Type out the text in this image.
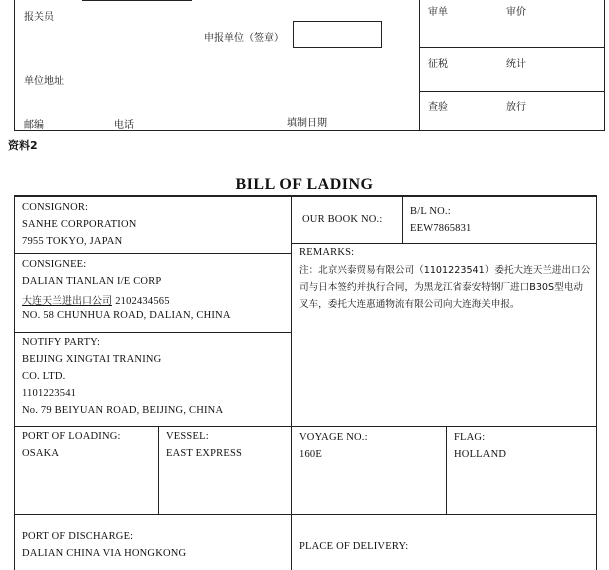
报关员
申报单位（签章）
单位地址
邮编	电话	填制日期
审单	审价
征税	统计
查验	放行
资料2
BILL OF LADING
CONSIGNOR:
SANHE CORPORATION
7955 TOKYO, JAPAN
OUR BOOK NO.:
B/L NO.:
EEW7865831
CONSIGNEE:
DALIAN TIANLAN I/E CORP
大连天兰进出口公司 2102434565
NO. 58 CHUNHUA ROAD, DALIAN, CHINA
REMARKS:
注：北京兴泰贸易有限公司（1101223541）委托大连天兰进出口公司与日本签约并执行合同，为黑龙江省泰安特钢厂进口B30S型电动叉车，委托大连惠通物流有限公司向大连海关申报。
NOTIFY PARTY:
BEIJING XINGTAI TRANING
CO. LTD.
1101223541
No. 79 BEIYUAN ROAD, BEIJING, CHINA
PORT OF LOADING:
OSAKA
VESSEL:
EAST EXPRESS
VOYAGE NO.:
160E
FLAG:
HOLLAND
PORT OF DISCHARGE:
DALIAN CHINA VIA HONGKONG
PLACE OF DELIVERY:
